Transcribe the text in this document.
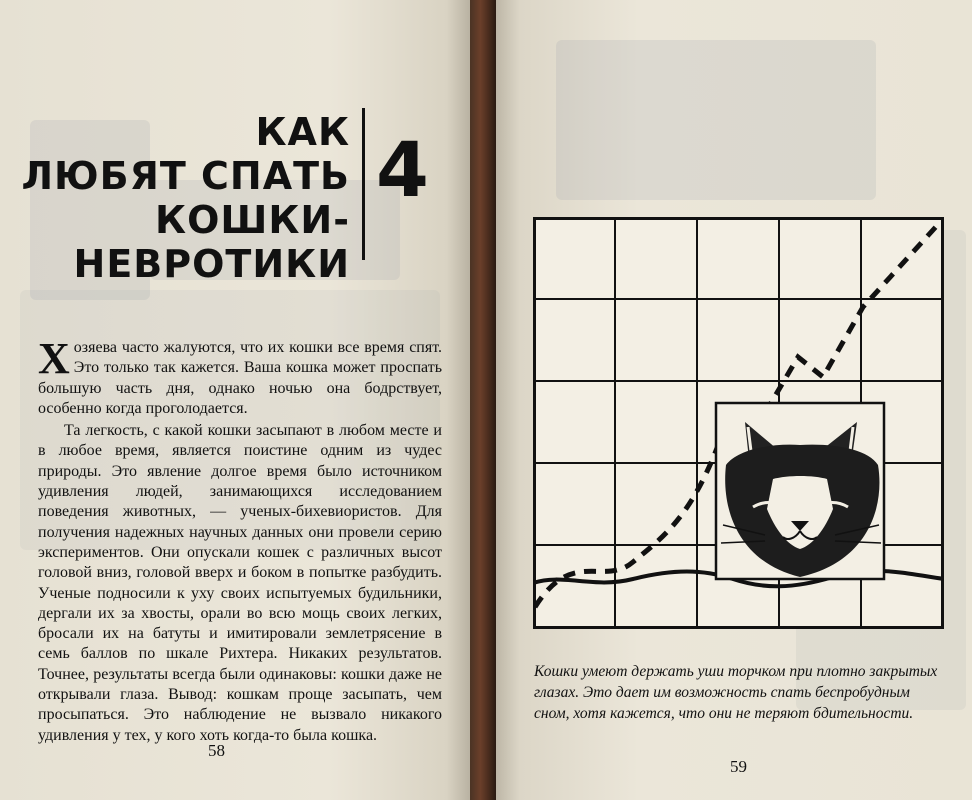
КАК
ЛЮБЯТ СПАТЬ
КОШКИ-
НЕВРОТИКИ
4

Хозяева часто жалуются, что их кошки все время спят. Это только так кажется. Ваша кошка может проспать большую часть дня, однако ночью она бодрствует, особенно когда проголодается.

Та легкость, с какой кошки засыпают в любом месте и в любое время, является поистине одним из чудес природы. Это явление долгое время было источником удивления людей, занимающихся исследованием поведения животных, — ученых-бихевиористов. Для получения надежных научных данных они провели серию экспериментов. Они опускали кошек с различных высот головой вниз, головой вверх и боком в попытке разбудить. Ученые подносили к уху своих испытуемых будильники, дергали их за хвосты, орали во всю мощь своих легких, бросали их на батуты и имитировали землетрясение в семь баллов по шкале Рихтера. Никаких результатов. Точнее, результаты всегда были одинаковы: кошки даже не открывали глаза. Вывод: кошкам проще засыпать, чем просыпаться. Это наблюдение не вызвало никакого удивления у тех, у кого хоть когда-то была кошка.

58
59

Кошки умеют держать уши торчком при плотно закрытых глазах. Это дает им возможность спать беспробудным сном, хотя кажется, что они не теряют бдительности.
